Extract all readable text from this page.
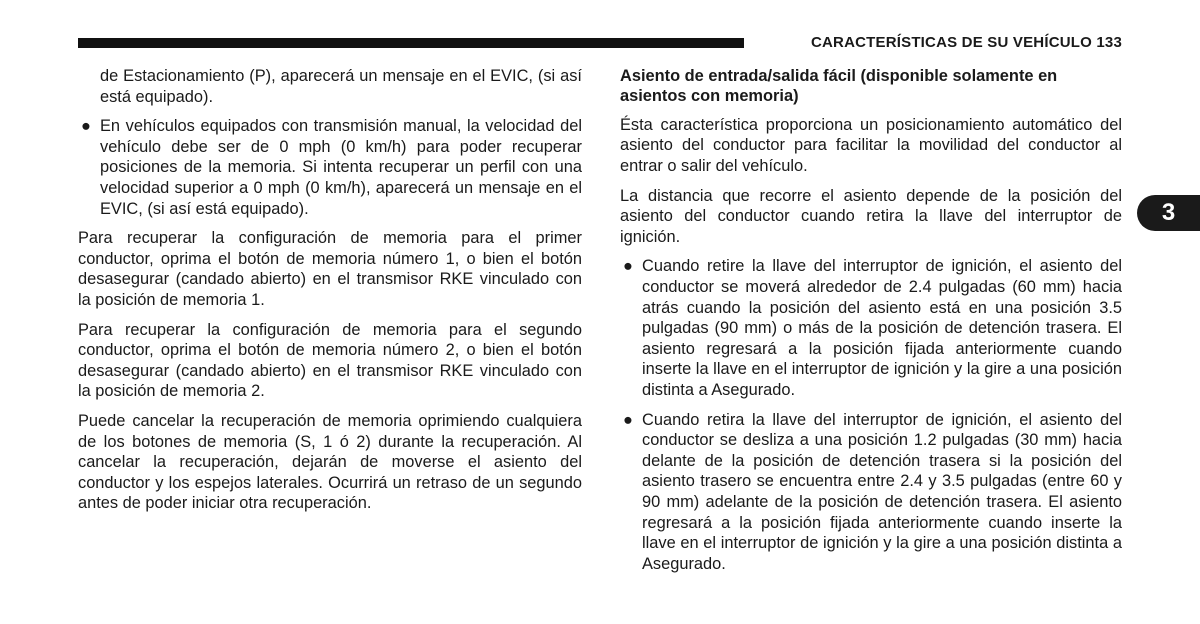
CARACTERÍSTICAS DE SU VEHÍCULO 133

de Estacionamiento (P), aparecerá un mensaje en el EVIC, (si así está equipado).

● En vehículos equipados con transmisión manual, la velocidad del vehículo debe ser de 0 mph (0 km/h) para poder recuperar posiciones de la memoria. Si intenta recuperar un perfil con una velocidad superior a 0 mph (0 km/h), aparecerá un mensaje en el EVIC, (si así está equipado).

Para recuperar la configuración de memoria para el primer conductor, oprima el botón de memoria número 1, o bien el botón desasegurar (candado abierto) en el transmisor RKE vinculado con la posición de memoria 1.

Para recuperar la configuración de memoria para el segundo conductor, oprima el botón de memoria número 2, o bien el botón desasegurar (candado abierto) en el transmisor RKE vinculado con la posición de memoria 2.

Puede cancelar la recuperación de memoria oprimiendo cualquiera de los botones de memoria (S, 1 ó 2) durante la recuperación. Al cancelar la recuperación, dejarán de moverse el asiento del conductor y los espejos laterales. Ocurrirá un retraso de un segundo antes de poder iniciar otra recuperación.

Asiento de entrada/salida fácil (disponible solamente en asientos con memoria)

Ésta característica proporciona un posicionamiento automático del asiento del conductor para facilitar la movilidad del conductor al entrar o salir del vehículo.

La distancia que recorre el asiento depende de la posición del asiento del conductor cuando retira la llave del interruptor de ignición.

● Cuando retire la llave del interruptor de ignición, el asiento del conductor se moverá alrededor de 2.4 pulgadas (60 mm) hacia atrás cuando la posición del asiento está en una posición 3.5 pulgadas (90 mm) o más de la posición de detención trasera. El asiento regresará a la posición fijada anteriormente cuando inserte la llave en el interruptor de ignición y la gire a una posición distinta a Asegurado.
● Cuando retira la llave del interruptor de ignición, el asiento del conductor se desliza a una posición 1.2 pulgadas (30 mm) hacia delante de la posición de detención trasera si la posición del asiento trasero se encuentra entre 2.4 y 3.5 pulgadas (entre 60 y 90 mm) adelante de la posición de detención trasera. El asiento regresará a la posición fijada anteriormente cuando inserte la llave en el interruptor de ignición y la gire a una posición distinta a Asegurado.
3
